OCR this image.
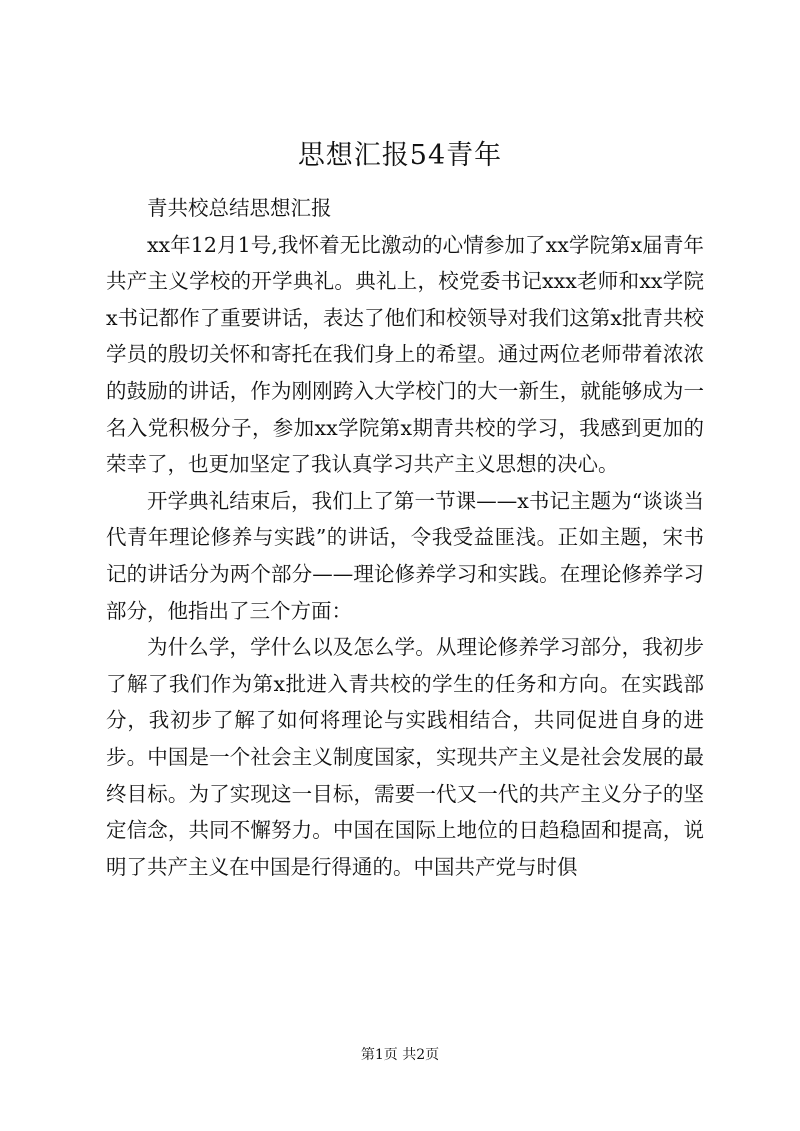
思想汇报54青年

青共校总结思想汇报

xx年12月1号,我怀着无比激动的心情参加了xx学院第x届青年共产主义学校的开学典礼。典礼上，校党委书记xxx老师和xx学院x书记都作了重要讲话，表达了他们和校领导对我们这第x批青共校学员的殷切关怀和寄托在我们身上的希望。通过两位老师带着浓浓的鼓励的讲话，作为刚刚跨入大学校门的大一新生，就能够成为一名入党积极分子，参加xx学院第x期青共校的学习，我感到更加的荣幸了，也更加坚定了我认真学习共产主义思想的决心。

开学典礼结束后，我们上了第一节课——x书记主题为“谈谈当代青年理论修养与实践”的讲话，令我受益匪浅。正如主题，宋书记的讲话分为两个部分——理论修养学习和实践。在理论修养学习部分，他指出了三个方面：

为什么学，学什么以及怎么学。从理论修养学习部分，我初步了解了我们作为第x批进入青共校的学生的任务和方向。在实践部分，我初步了解了如何将理论与实践相结合，共同促进自身的进步。中国是一个社会主义制度国家，实现共产主义是社会发展的最终目标。为了实现这一目标，需要一代又一代的共产主义分子的坚定信念，共同不懈努力。中国在国际上地位的日趋稳固和提高，说明了共产主义在中国是行得通的。中国共产党与时俱

第1页 共2页
